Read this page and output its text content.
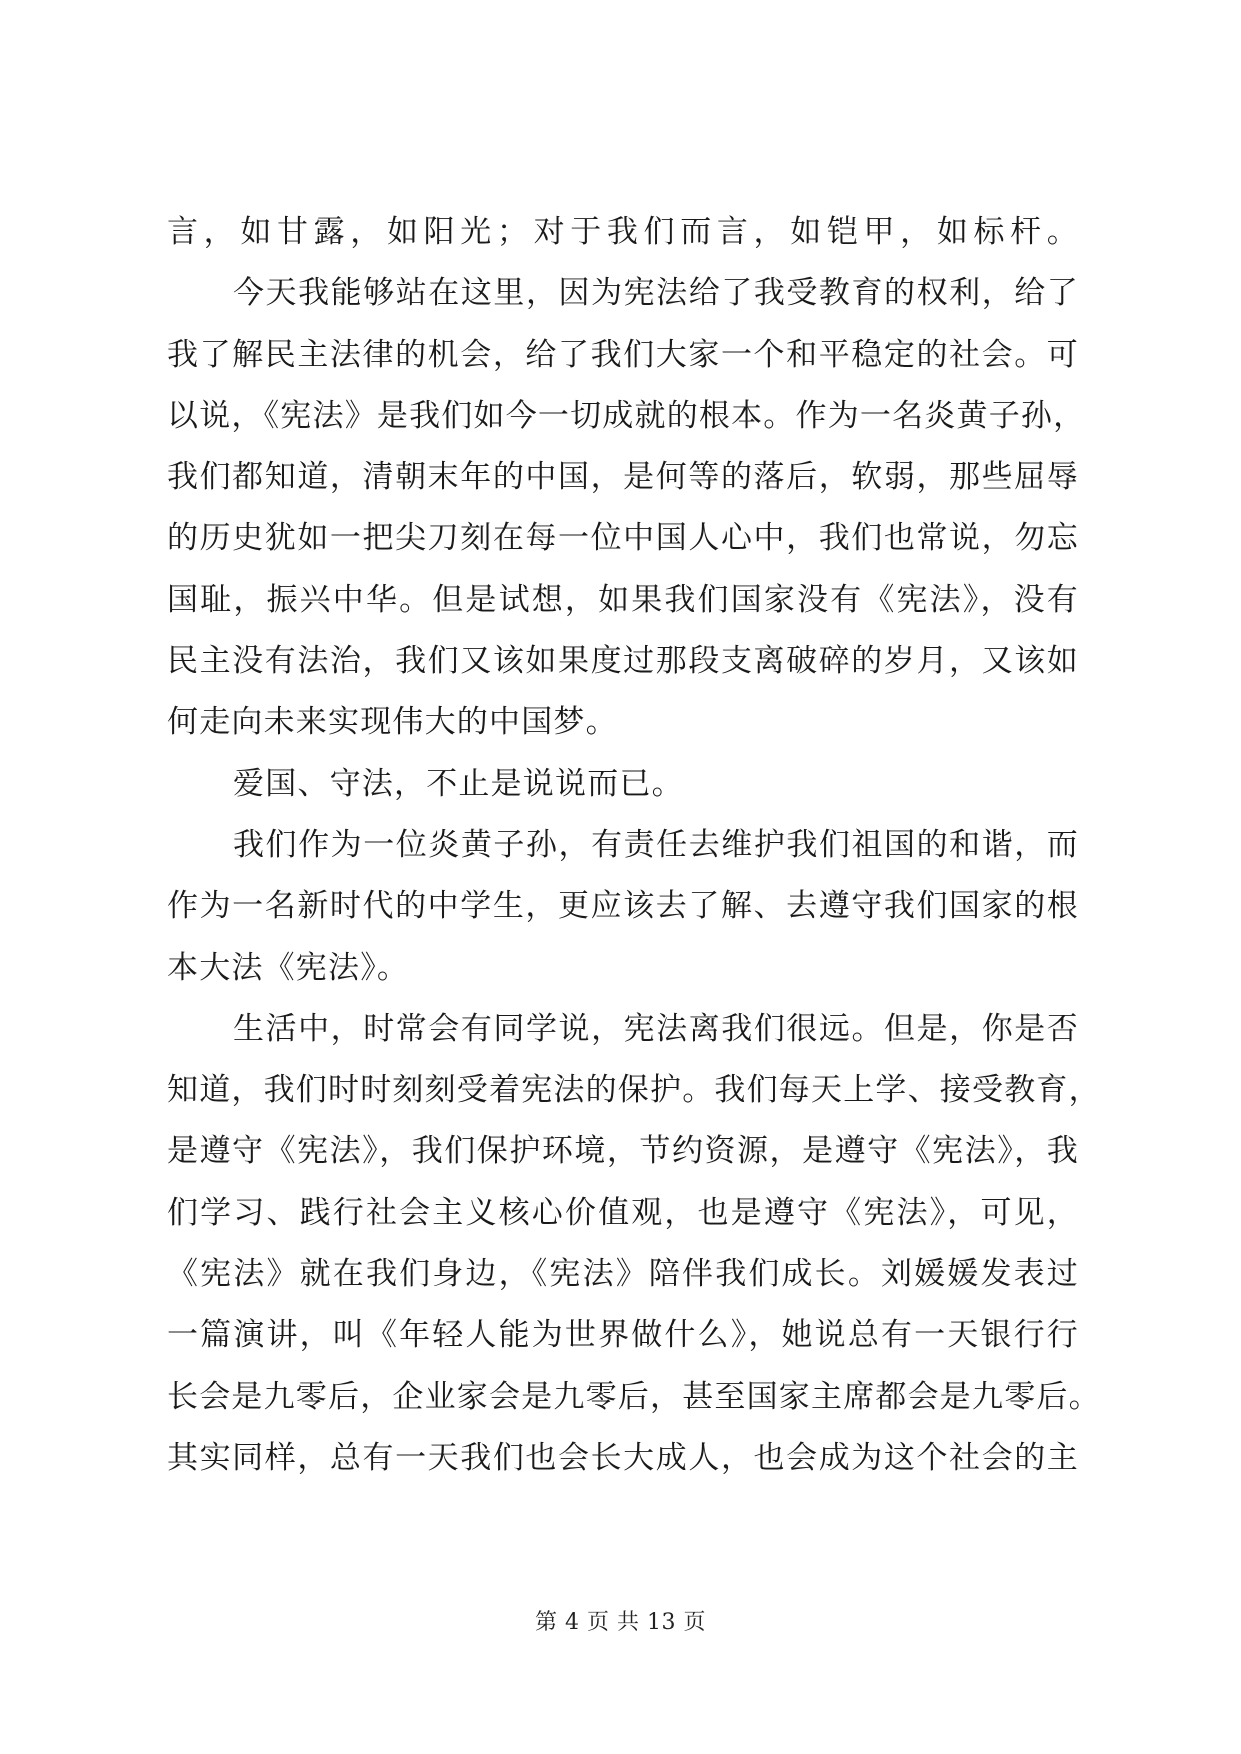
言，如甘露，如阳光；对于我们而言，如铠甲，如标杆。
今天我能够站在这里，因为宪法给了我受教育的权利，给了
我了解民主法律的机会，给了我们大家一个和平稳定的社会。可
以说，《宪法》是我们如今一切成就的根本。作为一名炎黄子孙，
我们都知道，清朝末年的中国，是何等的落后，软弱，那些屈辱
的历史犹如一把尖刀刻在每一位中国人心中，我们也常说，勿忘
国耻，振兴中华。但是试想，如果我们国家没有《宪法》，没有
民主没有法治，我们又该如果度过那段支离破碎的岁月，又该如
何走向未来实现伟大的中国梦。
爱国、守法，不止是说说而已。
我们作为一位炎黄子孙，有责任去维护我们祖国的和谐，而
作为一名新时代的中学生，更应该去了解、去遵守我们国家的根
本大法《宪法》。
生活中，时常会有同学说，宪法离我们很远。但是，你是否
知道，我们时时刻刻受着宪法的保护。我们每天上学、接受教育，
是遵守《宪法》，我们保护环境，节约资源，是遵守《宪法》，我
们学习、践行社会主义核心价值观，也是遵守《宪法》，可见，
《宪法》就在我们身边，《宪法》陪伴我们成长。刘媛媛发表过
一篇演讲，叫《年轻人能为世界做什么》，她说总有一天银行行
长会是九零后，企业家会是九零后，甚至国家主席都会是九零后。
其实同样，总有一天我们也会长大成人，也会成为这个社会的主
第 4 页 共 13 页
